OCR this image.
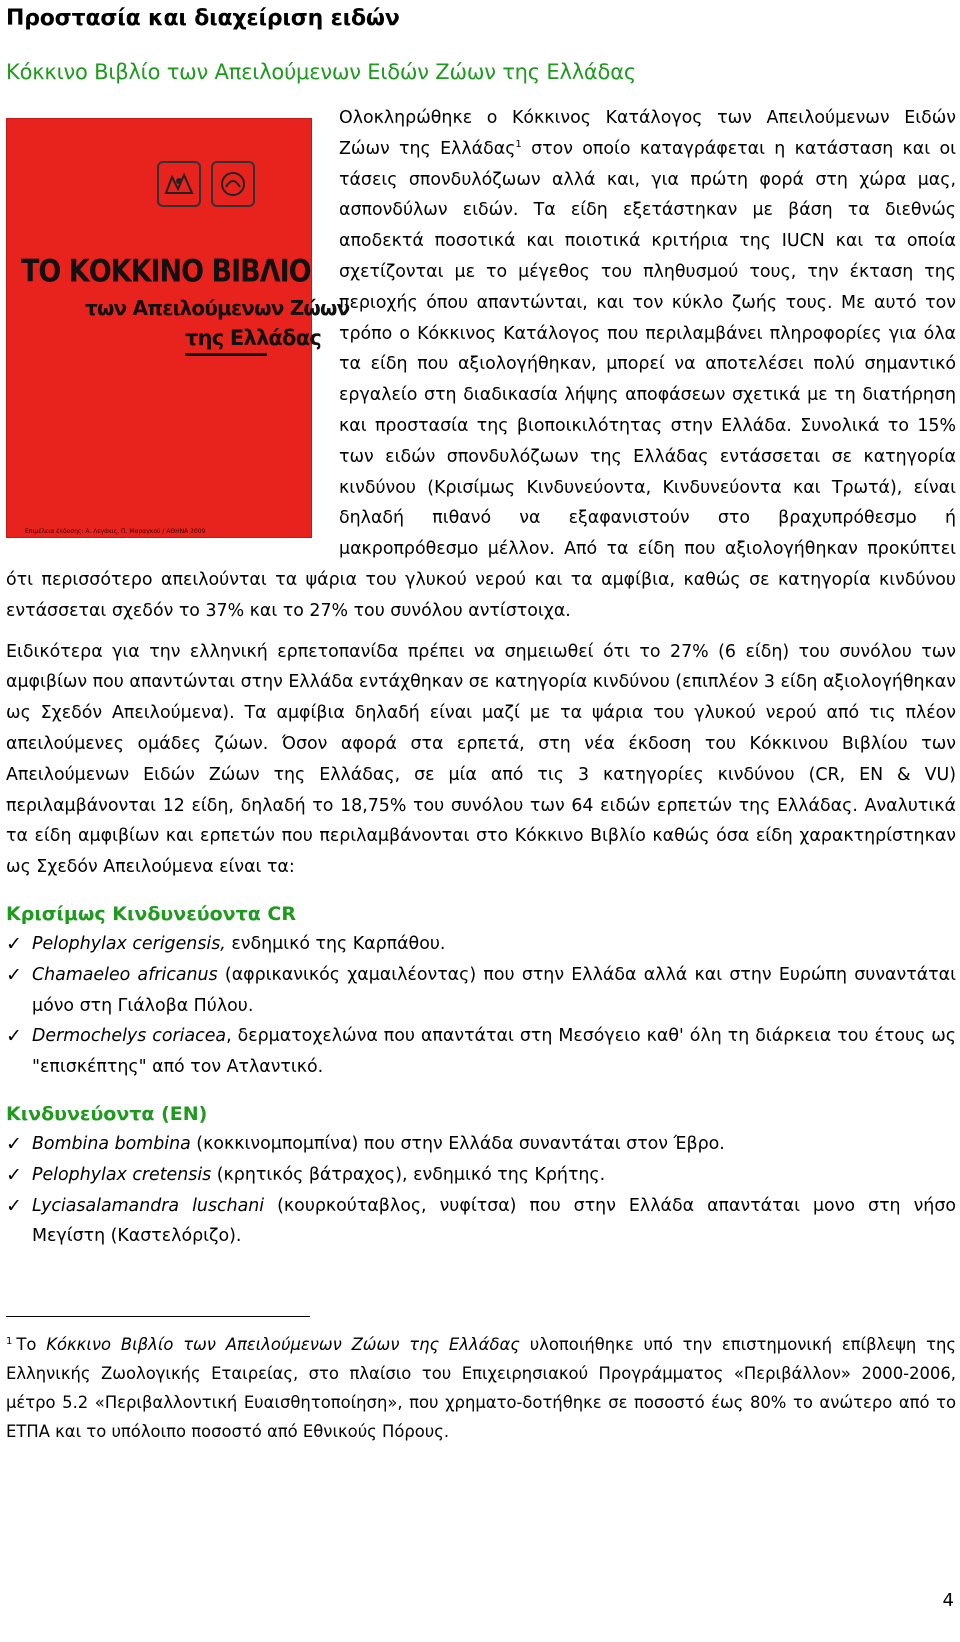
Προστασία και διαχείριση ειδών
Κόκκινο Βιβλίο των Απειλούμενων Ειδών Ζώων της Ελλάδας
ΤΟ ΚΟΚΚΙΝΟ ΒΙΒΛΙΟ
των Απειλούμενων Ζώων
της Ελλάδας
Επιμέλεια έκδοσης: Α. Λεγάκις, Π. Μαραγκού / ΑΘΗΝΑ 2009

Ολοκληρώθηκε ο Κόκκινος Κατάλογος των Απειλούμενων Ειδών Ζώων της Ελλάδας$^1$ στον οποίο καταγράφεται η κατάσταση και οι τάσεις σπονδυλόζωων αλλά και, για πρώτη φορά στη χώρα μας, ασπονδύλων ειδών. Τα είδη εξετάστηκαν με βάση τα διεθνώς αποδεκτά ποσοτικά και ποιοτικά κριτήρια της IUCN και τα οποία σχετίζονται με το μέγεθος του πληθυσμού τους, την έκταση της περιοχής όπου απαντώνται, και τον κύκλο ζωής τους. Με αυτό τον τρόπο ο Κόκκινος Κατάλογος που περιλαμβάνει πληροφορίες για όλα τα είδη που αξιολογήθηκαν, μπορεί να αποτελέσει πολύ σημαντικό εργαλείο στη διαδικασία λήψης αποφάσεων σχετικά με τη διατήρηση και προστασία της βιοποικιλότητας στην Ελλάδα. Συνολικά το 15% των ειδών σπονδυλόζωων της Ελλάδας εντάσσεται σε κατηγορία κινδύνου (Κρισίμως Κινδυνεύοντα, Κινδυνεύοντα και Τρωτά), είναι δηλαδή πιθανό να εξαφανιστούν στο βραχυπρόθεσμο ή μακροπρόθεσμο μέλλον. Από τα είδη που αξιολογήθηκαν προκύπτει ότι περισσότερο απειλούνται τα ψάρια του γλυκού νερού και τα αμφίβια, καθώς σε κατηγορία κινδύνου εντάσσεται σχεδόν το 37% και το 27% του συνόλου αντίστοιχα.

Ειδικότερα για την ελληνική ερπετοπανίδα πρέπει να σημειωθεί ότι το 27% (6 είδη) του συνόλου των αμφιβίων που απαντώνται στην Ελλάδα εντάχθηκαν σε κατηγορία κινδύνου (επιπλέον 3 είδη αξιολογήθηκαν ως Σχεδόν Απειλούμενα). Τα αμφίβια δηλαδή είναι μαζί με τα ψάρια του γλυκού νερού από τις πλέον απειλούμενες ομάδες ζώων. Όσον αφορά στα ερπετά, στη νέα έκδοση του Κόκκινου Βιβλίου των Απειλούμενων Ειδών Ζώων της Ελλάδας, σε μία από τις 3 κατηγορίες κινδύνου (CR, EN & VU) περιλαμβάνονται 12 είδη, δηλαδή το 18,75% του συνόλου των 64 ειδών ερπετών της Ελλάδας. Αναλυτικά τα είδη αμφιβίων και ερπετών που περιλαμβάνονται στο Κόκκινο Βιβλίο καθώς όσα είδη χαρακτηρίστηκαν ως Σχεδόν Απειλούμενα είναι τα:

Κρισίμως Κινδυνεύοντα CR
✓ Pelophylax cerigensis, ενδημικό της Καρπάθου.
✓ Chamaeleo africanus (αφρικανικός χαμαιλέοντας) που στην Ελλάδα αλλά και στην Ευρώπη συναντάται μόνο στη Γιάλοβα Πύλου.
✓ Dermochelys coriacea, δερματοχελώνα που απαντάται στη Μεσόγειο καθ' όλη τη διάρκεια του έτους ως "επισκέπτης" από τον Ατλαντικό.
Κινδυνεύοντα (EN)
✓ Bombina bombina (κοκκινομπομπίνα) που στην Ελλάδα συναντάται στον Έβρο.
✓ Pelophylax cretensis (κρητικός βάτραχος), ενδημικό της Κρήτης.
✓ Lyciasalamandra luschani (κουρκούταβλος, νυφίτσα) που στην Ελλάδα απαντάται μονο στη νήσο Μεγίστη (Καστελόριζο).

$^1$ Το Κόκκινο Βιβλίο των Απειλούμενων Ζώων της Ελλάδας υλοποιήθηκε υπό την επιστημονική επίβλεψη της Ελληνικής Ζωολογικής Εταιρείας, στο πλαίσιο του Επιχειρησιακού Προγράμματος «Περιβάλλον» 2000-2006, μέτρο 5.2 «Περιβαλλοντική Ευαισθητοποίηση», που χρηματο-δοτήθηκε σε ποσοστό έως 80% το ανώτερο από το ΕΤΠΑ και το υπόλοιπο ποσοστό από Εθνικούς Πόρους.

4
